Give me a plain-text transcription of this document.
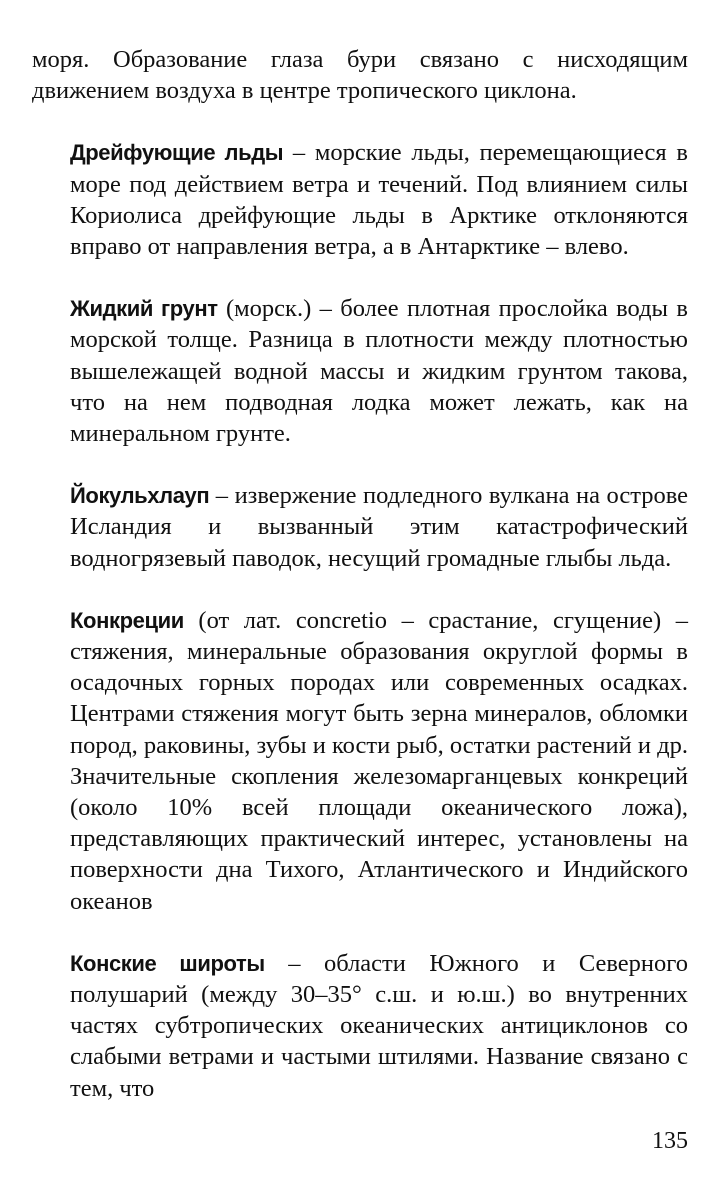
моря. Образование глаза бури связано с нисходящим движением воздуха в центре тропического циклона.

Дрейфующие льды – морские льды, перемещающиеся в море под действием ветра и течений. Под влиянием силы Кориолиса дрейфующие льды в Арктике отклоняются вправо от направления ветра, а в Антарктике – влево.

Жидкий грунт (морск.) – более плотная прослойка воды в морской толще. Разница в плотности между плотностью вышележащей водной массы и жидким грунтом такова, что на нем подводная лодка может лежать, как на минеральном грунте.

Йокульхлауп – извержение подледного вулкана на острове Исландия и вызванный этим катастрофический водногрязевый паводок, несущий громадные глыбы льда.

Конкреции (от лат. concretio – срастание, сгущение) – стяжения, минеральные образования округлой формы в осадочных горных породах или современных осадках. Центрами стяжения могут быть зерна минералов, обломки пород, раковины, зубы и кости рыб, остатки растений и др. Значительные скопления железомарганцевых конкреций (около 10% всей площади океанического ложа), представляющих практический интерес, установлены на поверхности дна Тихого, Атлантического и Индийского океанов

Конские широты – области Южного и Северного полушарий (между 30–35° с.ш. и ю.ш.) во внутренних частях субтропических океанических антициклонов со слабыми ветрами и частыми штилями. Название связано с тем, что

135
